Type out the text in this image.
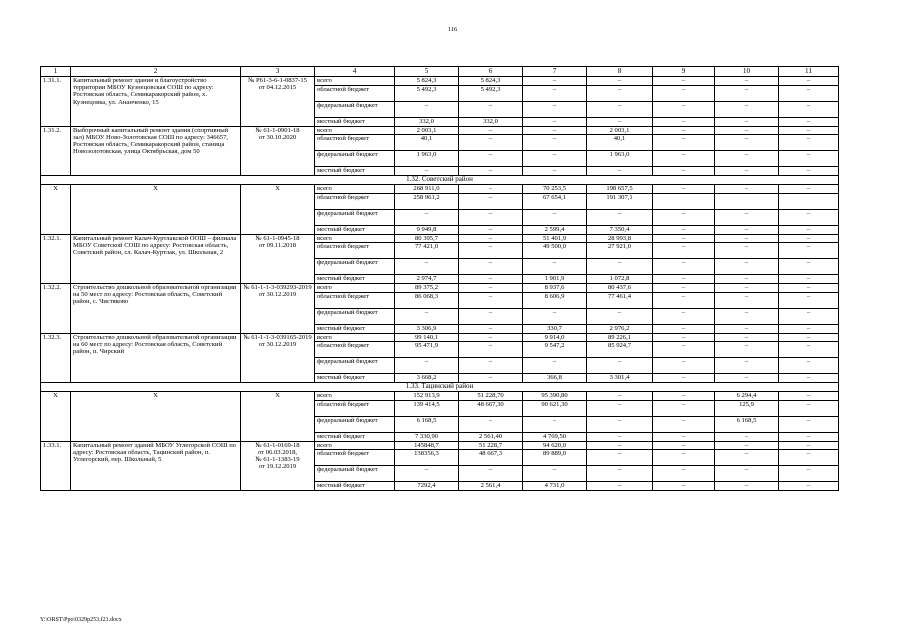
116
1	2	3	4	5	6	7	8	9	10	11
1.31.1.	Капитальный ремонт здания и благоустройство территории МБОУ Кузнецовская СОШ по адресу: Ростовская область, Семикаракорский район, х. Кузнецовка, ул. Ананченко, 15	№ Р61-3-6-1-0837-15
от 04.12.2015	всего	5 824,3	5 824,3	–	–	–	–	–
			областной бюджет	5 492,3	5 492,3	–	–	–	–	–
			федеральный бюджет	–	–	–	–	–	–	–
			местный бюджет	332,0	332,0	–	–	–	–	–
1.31.2.	Выборочный капитальный ремонт здания (спортивный зал) МБОУ Ново-Золотовская СОШ по адресу: 346657, Ростовская область, Семикаракорский район, станица Новозолотовская, улица Октябрьская, дом 50	№ 61-1-0901-18
от 30.10.2020	всего	2 003,1	–	–	2 003,1	–	–	–
			областной бюджет	40,1	–	–	40,1	–	–	–
			федеральный бюджет	1 963,0	–	–	1 963,0	–	–	–
			местный бюджет	–	–	–	–	–	–	–
1.32. Советский район										
Х	Х	Х	всего	268 911,0	–	70 253,5	198 657,5	–	–	–
			областной бюджет	258 961,2	–	67 654,1	191 307,1			
			федеральный бюджет	–	–	–	–	–	–	–
			местный бюджет	9 949,8	–	2 599,4	7 350,4	–	–	–
1.32.1.	Капитальный ремонт Калач-Куртлакской ООШ – филиала МБОУ Советской СОШ по адресу: Ростовская область, Советский район, сл. Калач-Куртлак, ул. Школьная, 2	№ 61-1-0945-18
от 09.11.2018	всего	80 395,7	–	51 401,9	28 993,8	–	–	–
			областной бюджет	77 421,0	–	49 500,0	27 921,0	–	–	–
			федеральный бюджет	–	–	–	–	–	–	–
			местный бюджет	2 974,7	–	1 901,9	1 072,8	–	–	–
1.32.2.	Строительство дошкольной образовательной организации на 50 мест по адресу: Ростовская область, Советский район, с. Чистяково	№ 61-1-1-3-039293-2019
от 30.12.2019	всего	89 375,2	–	8 937,6	80 437,6	–	–	–
			областной бюджет	86 068,3	–	8 606,9	77 461,4	–	–	–
			федеральный бюджет	–	–	–	–	–	–	–
			местный бюджет	3 306,9	–	330,7	2 976,2	–	–	–
1.32.3.	Строительство дошкольной образовательной организации на 60 мест по адресу: Ростовская область, Советский район, п. Чирский	№ 61-1-1-3-039165-2019
от 30.12.2019	всего	99 140,1	–	9 914,0	89 226,1	–	–	–
			областной бюджет	95 471,9	–	9 547,2	85 924,7	–	–	–
			федеральный бюджет	–	–	–	–	–	–	–
			местный бюджет	3 668,2	–	366,8	3 301,4	–	–	–
1.33. Тацинский район										
Х	Х	Х	всего	152 913,9	51 228,70	95 390,80	–	–	6 294,4	–
			областной бюджет	139 414,5	48 667,30	90 621,30	–	–	125,9	–
			федеральный бюджет	6 168,5	–	–	–	–	6 168,5	–
			местный бюджет	7 330,90	2 561,40	4 769,50	–	–	–	–
1.33.1.	Капитальный ремонт зданий МБОУ Углегорской СОШ по адресу: Ростовская область, Тацинский район, п. Углегорский, пер. Школьный, 5	№ 61-1-0169-18
от 06.03.2018,
№ 61-1-1383-19
от 19.12.2019	всего	145848,7	51 228,7	94 620,0	–	–	–	–
			областной бюджет	138356,3	48 667,3	89 889,0	–	–	–	–
			федеральный бюджет	–	–	–	–	–	–	–
			местный бюджет	7292,4	2 561,4	4 731,0	–	–	–	–
Y:\ORST\Ppo\0329p253.f21.docx
